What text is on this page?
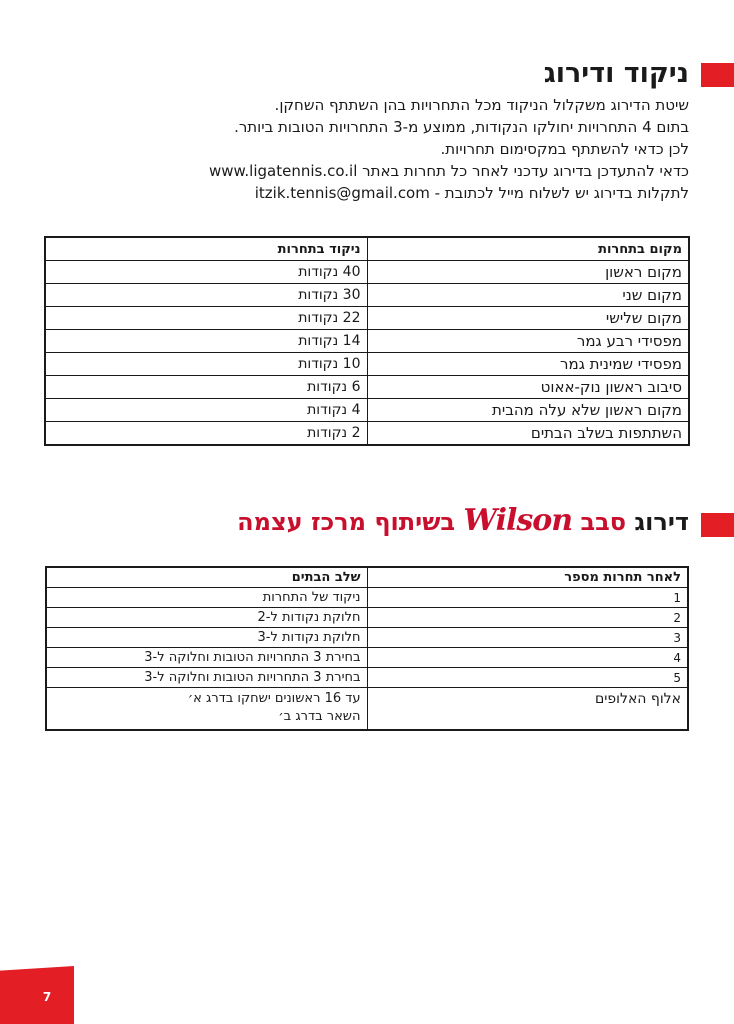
ניקוד ודירוג
שיטת הדירוג משקלול הניקוד מכל התחרויות בהן השתתף השחקן.
בתום 4 התחרויות יחולקו הנקודות, ממוצע מ-3 התחרויות הטובות ביותר.
לכן כדאי להשתתף במקסימום תחרויות.
כדאי להתעדכן בדירוג עדכני לאחר כל תחרות באתר www.ligatennis.co.il
לתקלות בדירוג יש לשלוח מייל לכתובת - itzik.tennis@gmail.com
מקום בתחרות	ניקוד בתחרות
מקום ראשון	40 נקודות
מקום שני	30 נקודות
מקום שלישי	22 נקודות
מפסידי רבע גמר	14 נקודות
מפסידי שמינית גמר	10 נקודות
סיבוב ראשון נוק-אאוט	6 נקודות
מקום ראשון שלא עלה מהבית	4 נקודות
השתתפות בשלב הבתים	2 נקודות
דירוג סבב Wilson בשיתוף מרכז עצמה
לאחר תחרות מספר	שלב הבתים
1	ניקוד של התחרות
2	חלוקת נקודות ל-2
3	חלוקת נקודות ל-3
4	בחירת 3 התחרויות הטובות וחלוקה ל-3
5	בחירת 3 התחרויות הטובות וחלוקה ל-3
אלוף האלופים	עד 16 ראשונים ישחקו בדרג א׳
השאר בדרג ב׳
7
